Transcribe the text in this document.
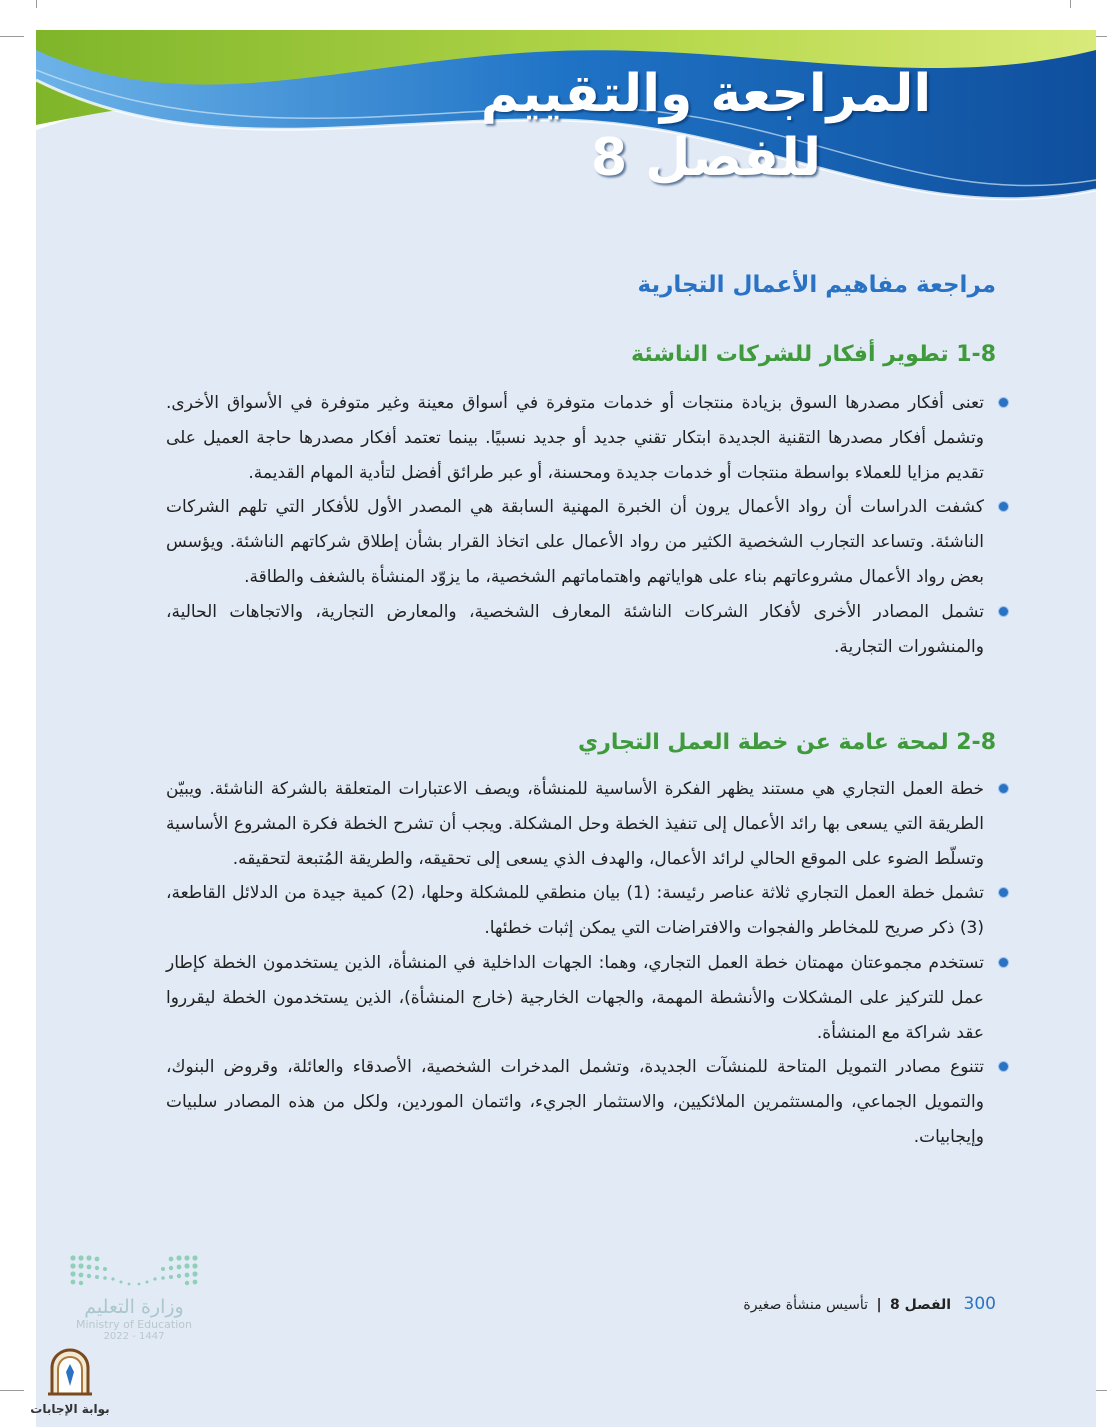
المراجعة والتقييم
للفصل 8
مراجعة مفاهيم الأعمال التجارية
1-8 تطوير أفكار للشركات الناشئة
تعنى أفكار مصدرها السوق بزيادة منتجات أو خدمات متوفرة في أسواق معينة وغير متوفرة في الأسواق الأخرى. وتشمل أفكار مصدرها التقنية الجديدة ابتكار تقني جديد أو جديد نسبيًا. بينما تعتمد أفكار مصدرها حاجة العميل على تقديم مزايا للعملاء بواسطة منتجات أو خدمات جديدة ومحسنة، أو عبر طرائق أفضل لتأدية المهام القديمة.
كشفت الدراسات أن رواد الأعمال يرون أن الخبرة المهنية السابقة هي المصدر الأول للأفكار التي تلهم الشركات الناشئة. وتساعد التجارب الشخصية الكثير من رواد الأعمال على اتخاذ القرار بشأن إطلاق شركاتهم الناشئة. ويؤسس بعض رواد الأعمال مشروعاتهم بناء على هواياتهم واهتماماتهم الشخصية، ما يزوّد المنشأة بالشغف والطاقة.
تشمل المصادر الأخرى لأفكار الشركات الناشئة المعارف الشخصية، والمعارض التجارية، والاتجاهات الحالية، والمنشورات التجارية.
2-8 لمحة عامة عن خطة العمل التجاري
خطة العمل التجاري هي مستند يظهر الفكرة الأساسية للمنشأة، ويصف الاعتبارات المتعلقة بالشركة الناشئة. ويبيّن الطريقة التي يسعى بها رائد الأعمال إلى تنفيذ الخطة وحل المشكلة. ويجب أن تشرح الخطة فكرة المشروع الأساسية وتسلّط الضوء على الموقع الحالي لرائد الأعمال، والهدف الذي يسعى إلى تحقيقه، والطريقة المُتبعة لتحقيقه.
تشمل خطة العمل التجاري ثلاثة عناصر رئيسة: (1) بيان منطقي للمشكلة وحلها، (2) كمية جيدة من الدلائل القاطعة، (3) ذكر صريح للمخاطر والفجوات والافتراضات التي يمكن إثبات خطئها.
تستخدم مجموعتان مهمتان خطة العمل التجاري، وهما: الجهات الداخلية في المنشأة، الذين يستخدمون الخطة كإطار عمل للتركيز على المشكلات والأنشطة المهمة، والجهات الخارجية (خارج المنشأة)، الذين يستخدمون الخطة ليقرروا عقد شراكة مع المنشأة.
تتنوع مصادر التمويل المتاحة للمنشآت الجديدة، وتشمل المدخرات الشخصية، الأصدقاء والعائلة، وقروض البنوك، والتمويل الجماعي، والمستثمرين الملائكيين، والاستثمار الجريء، وائتمان الموردين، ولكل من هذه المصادر سلبيات وإيجابيات.
300 الفصل 8 | تأسيس منشأة صغيرة
وزارة التعليم
Ministry of Education
2022 - 1447
بوابة الإجابات
